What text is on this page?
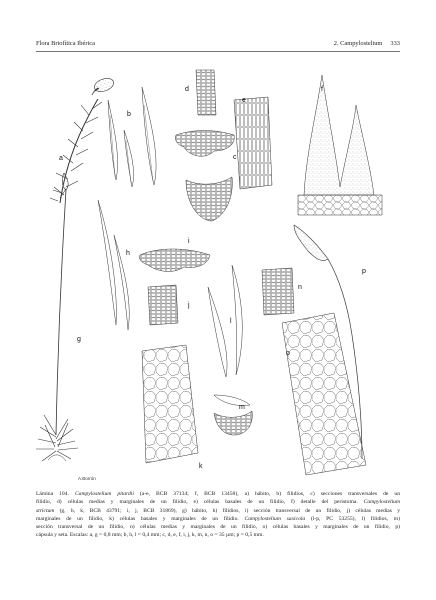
Flora Briofítica Ibérica	2. Campylostelium 333
a
b
c
d
e
f
g
h
i
j
k
l
m
n
o
p
A.Borrón
Lámina 104. Campylostelium pitardii (a-e, BCB 37134; f, BCB 13458), a) hábito, b) filidios, c) secciones transversales de un
filidio, d) células medias y marginales de un filidio, e) células basales de un filidio, f) detalle del peristoma. Campylostelium
strictum (g, h, k, BCB 43791; i, j, BCB 31869), g) hábito, h) filidios, i) sección transversal de un filidio, j) células medias y
marginales de un filidio, k) células basales y marginales de un filidio. Campylostelium saxicola (l-p, PC 53255), l) filidios, m)
sección transversal de un filidio, n) células medias y marginales de un filidio, o) células basales y marginales de un filidio, p)
cápsula y seta. Escalas: a, g = 0,8 mm; b, h, l = 0,4 mm; c, d, e, f, i, j, k, m, n, o = 35 µm; p = 0,5 mm.
